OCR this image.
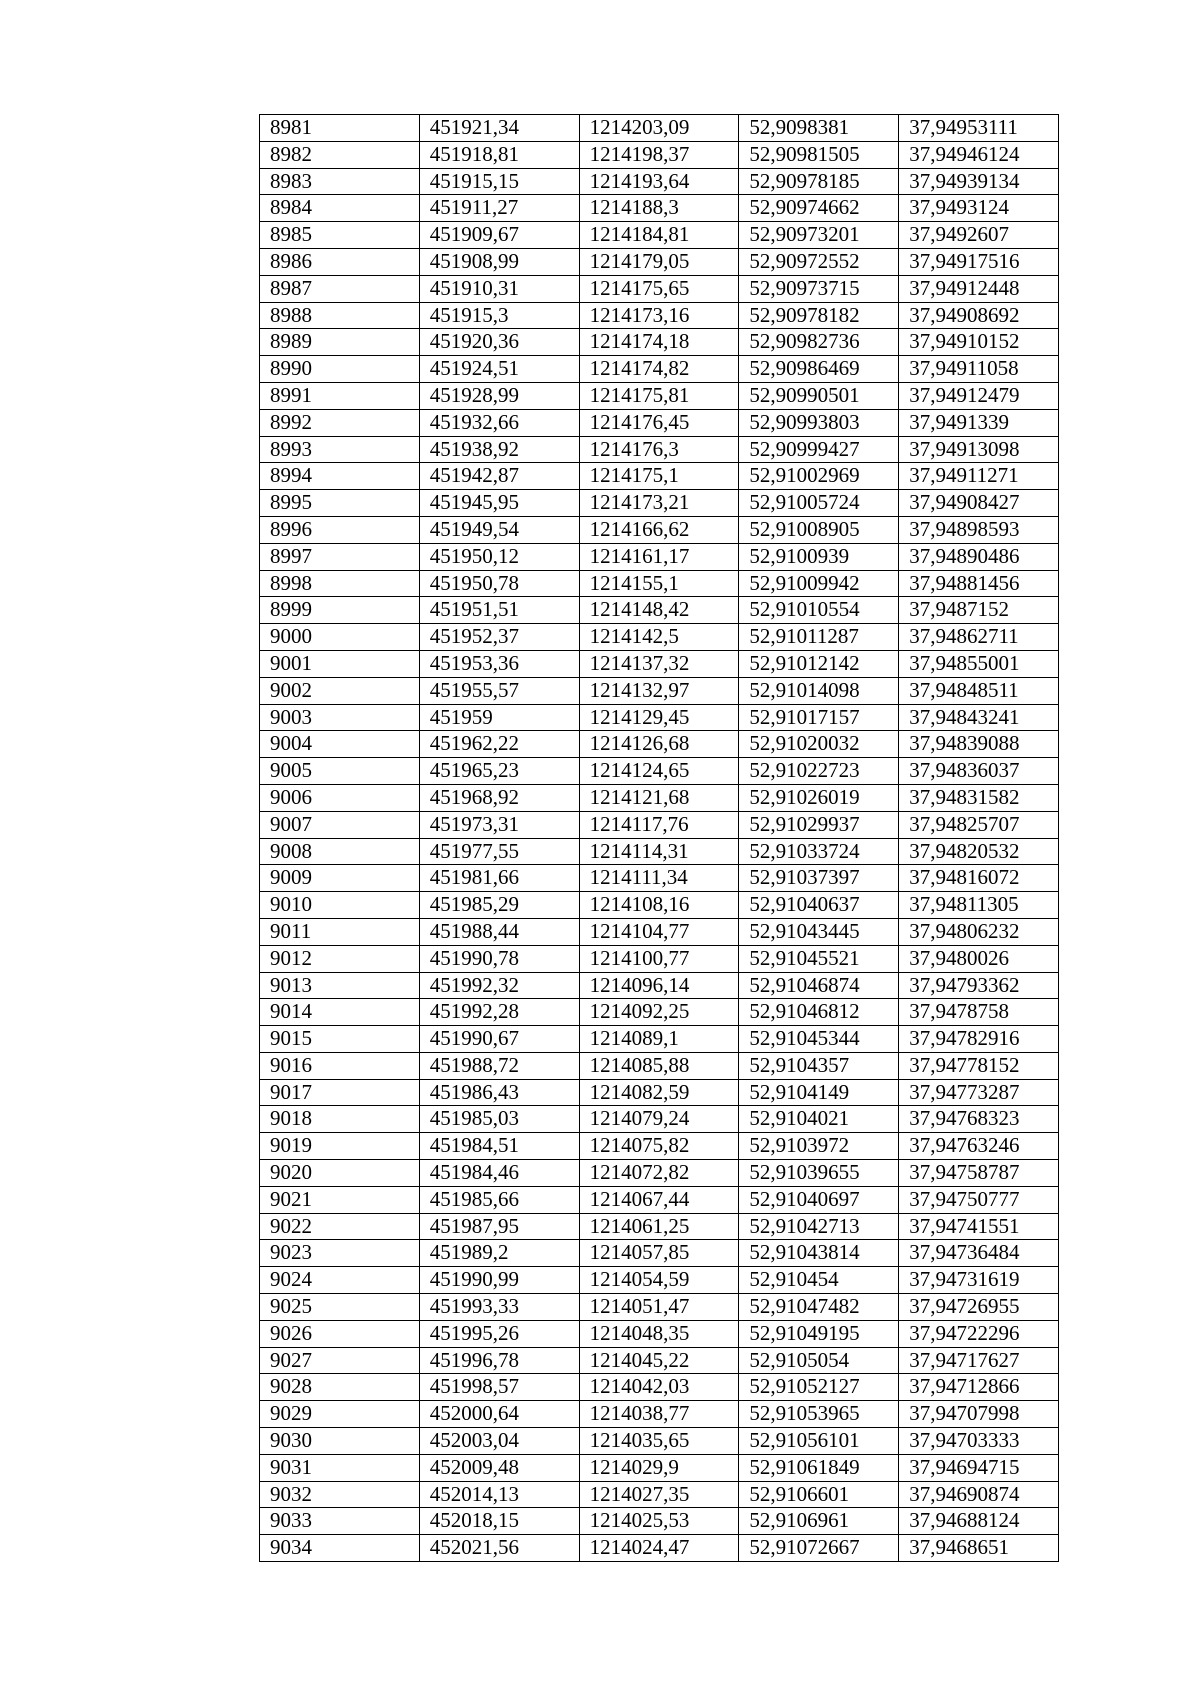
8981	451921,34	1214203,09	52,9098381	37,94953111
8982	451918,81	1214198,37	52,90981505	37,94946124
8983	451915,15	1214193,64	52,90978185	37,94939134
8984	451911,27	1214188,3	52,90974662	37,9493124
8985	451909,67	1214184,81	52,90973201	37,9492607
8986	451908,99	1214179,05	52,90972552	37,94917516
8987	451910,31	1214175,65	52,90973715	37,94912448
8988	451915,3	1214173,16	52,90978182	37,94908692
8989	451920,36	1214174,18	52,90982736	37,94910152
8990	451924,51	1214174,82	52,90986469	37,94911058
8991	451928,99	1214175,81	52,90990501	37,94912479
8992	451932,66	1214176,45	52,90993803	37,9491339
8993	451938,92	1214176,3	52,90999427	37,94913098
8994	451942,87	1214175,1	52,91002969	37,94911271
8995	451945,95	1214173,21	52,91005724	37,94908427
8996	451949,54	1214166,62	52,91008905	37,94898593
8997	451950,12	1214161,17	52,9100939	37,94890486
8998	451950,78	1214155,1	52,91009942	37,94881456
8999	451951,51	1214148,42	52,91010554	37,9487152
9000	451952,37	1214142,5	52,91011287	37,94862711
9001	451953,36	1214137,32	52,91012142	37,94855001
9002	451955,57	1214132,97	52,91014098	37,94848511
9003	451959	1214129,45	52,91017157	37,94843241
9004	451962,22	1214126,68	52,91020032	37,94839088
9005	451965,23	1214124,65	52,91022723	37,94836037
9006	451968,92	1214121,68	52,91026019	37,94831582
9007	451973,31	1214117,76	52,91029937	37,94825707
9008	451977,55	1214114,31	52,91033724	37,94820532
9009	451981,66	1214111,34	52,91037397	37,94816072
9010	451985,29	1214108,16	52,91040637	37,94811305
9011	451988,44	1214104,77	52,91043445	37,94806232
9012	451990,78	1214100,77	52,91045521	37,9480026
9013	451992,32	1214096,14	52,91046874	37,94793362
9014	451992,28	1214092,25	52,91046812	37,9478758
9015	451990,67	1214089,1	52,91045344	37,94782916
9016	451988,72	1214085,88	52,9104357	37,94778152
9017	451986,43	1214082,59	52,9104149	37,94773287
9018	451985,03	1214079,24	52,9104021	37,94768323
9019	451984,51	1214075,82	52,9103972	37,94763246
9020	451984,46	1214072,82	52,91039655	37,94758787
9021	451985,66	1214067,44	52,91040697	37,94750777
9022	451987,95	1214061,25	52,91042713	37,94741551
9023	451989,2	1214057,85	52,91043814	37,94736484
9024	451990,99	1214054,59	52,910454	37,94731619
9025	451993,33	1214051,47	52,91047482	37,94726955
9026	451995,26	1214048,35	52,91049195	37,94722296
9027	451996,78	1214045,22	52,9105054	37,94717627
9028	451998,57	1214042,03	52,91052127	37,94712866
9029	452000,64	1214038,77	52,91053965	37,94707998
9030	452003,04	1214035,65	52,91056101	37,94703333
9031	452009,48	1214029,9	52,91061849	37,94694715
9032	452014,13	1214027,35	52,9106601	37,94690874
9033	452018,15	1214025,53	52,9106961	37,94688124
9034	452021,56	1214024,47	52,91072667	37,9468651
